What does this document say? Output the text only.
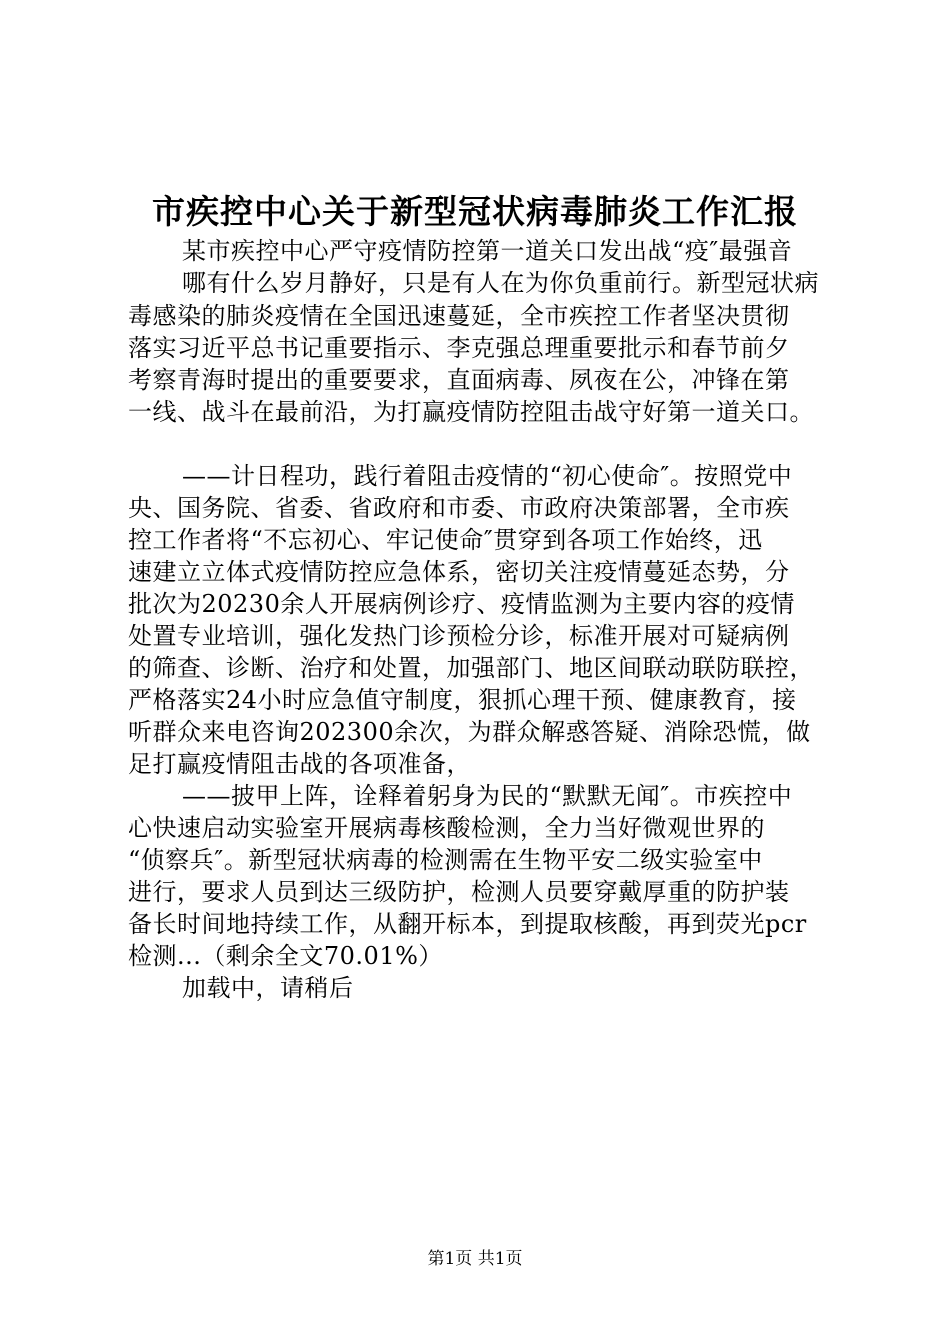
市疾控中心关于新型冠状病毒肺炎工作汇报
某市疾控中心严守疫情防控第一道关口发出战“疫″最强音
哪有什么岁月静好，只是有人在为你负重前行。新型冠状病
毒感染的肺炎疫情在全国迅速蔓延，全市疾控工作者坚决贯彻
落实习近平总书记重要指示、李克强总理重要批示和春节前夕
考察青海时提出的重要要求，直面病毒、夙夜在公，冲锋在第
一线、战斗在最前沿，为打赢疫情防控阻击战守好第一道关口。
——计日程功，践行着阻击疫情的“初心使命″。按照党中
央、国务院、省委、省政府和市委、市政府决策部署，全市疾
控工作者将“不忘初心、牢记使命″贯穿到各项工作始终，迅
速建立立体式疫情防控应急体系，密切关注疫情蔓延态势，分
批次为20230余人开展病例诊疗、疫情监测为主要内容的疫情
处置专业培训，强化发热门诊预检分诊，标准开展对可疑病例
的筛查、诊断、治疗和处置，加强部门、地区间联动联防联控，
严格落实24小时应急值守制度，狠抓心理干预、健康教育，接
听群众来电咨询202300余次，为群众解惑答疑、消除恐慌，做
足打赢疫情阻击战的各项准备，
——披甲上阵，诠释着躬身为民的“默默无闻″。市疾控中
心快速启动实验室开展病毒核酸检测，全力当好微观世界的
“侦察兵″。新型冠状病毒的检测需在生物平安二级实验室中
进行，要求人员到达三级防护，检测人员要穿戴厚重的防护装
备长时间地持续工作，从翻开标本，到提取核酸，再到荧光pcr
检测...（剩余全文70.01%）
加载中，请稍后
第1页 共1页
